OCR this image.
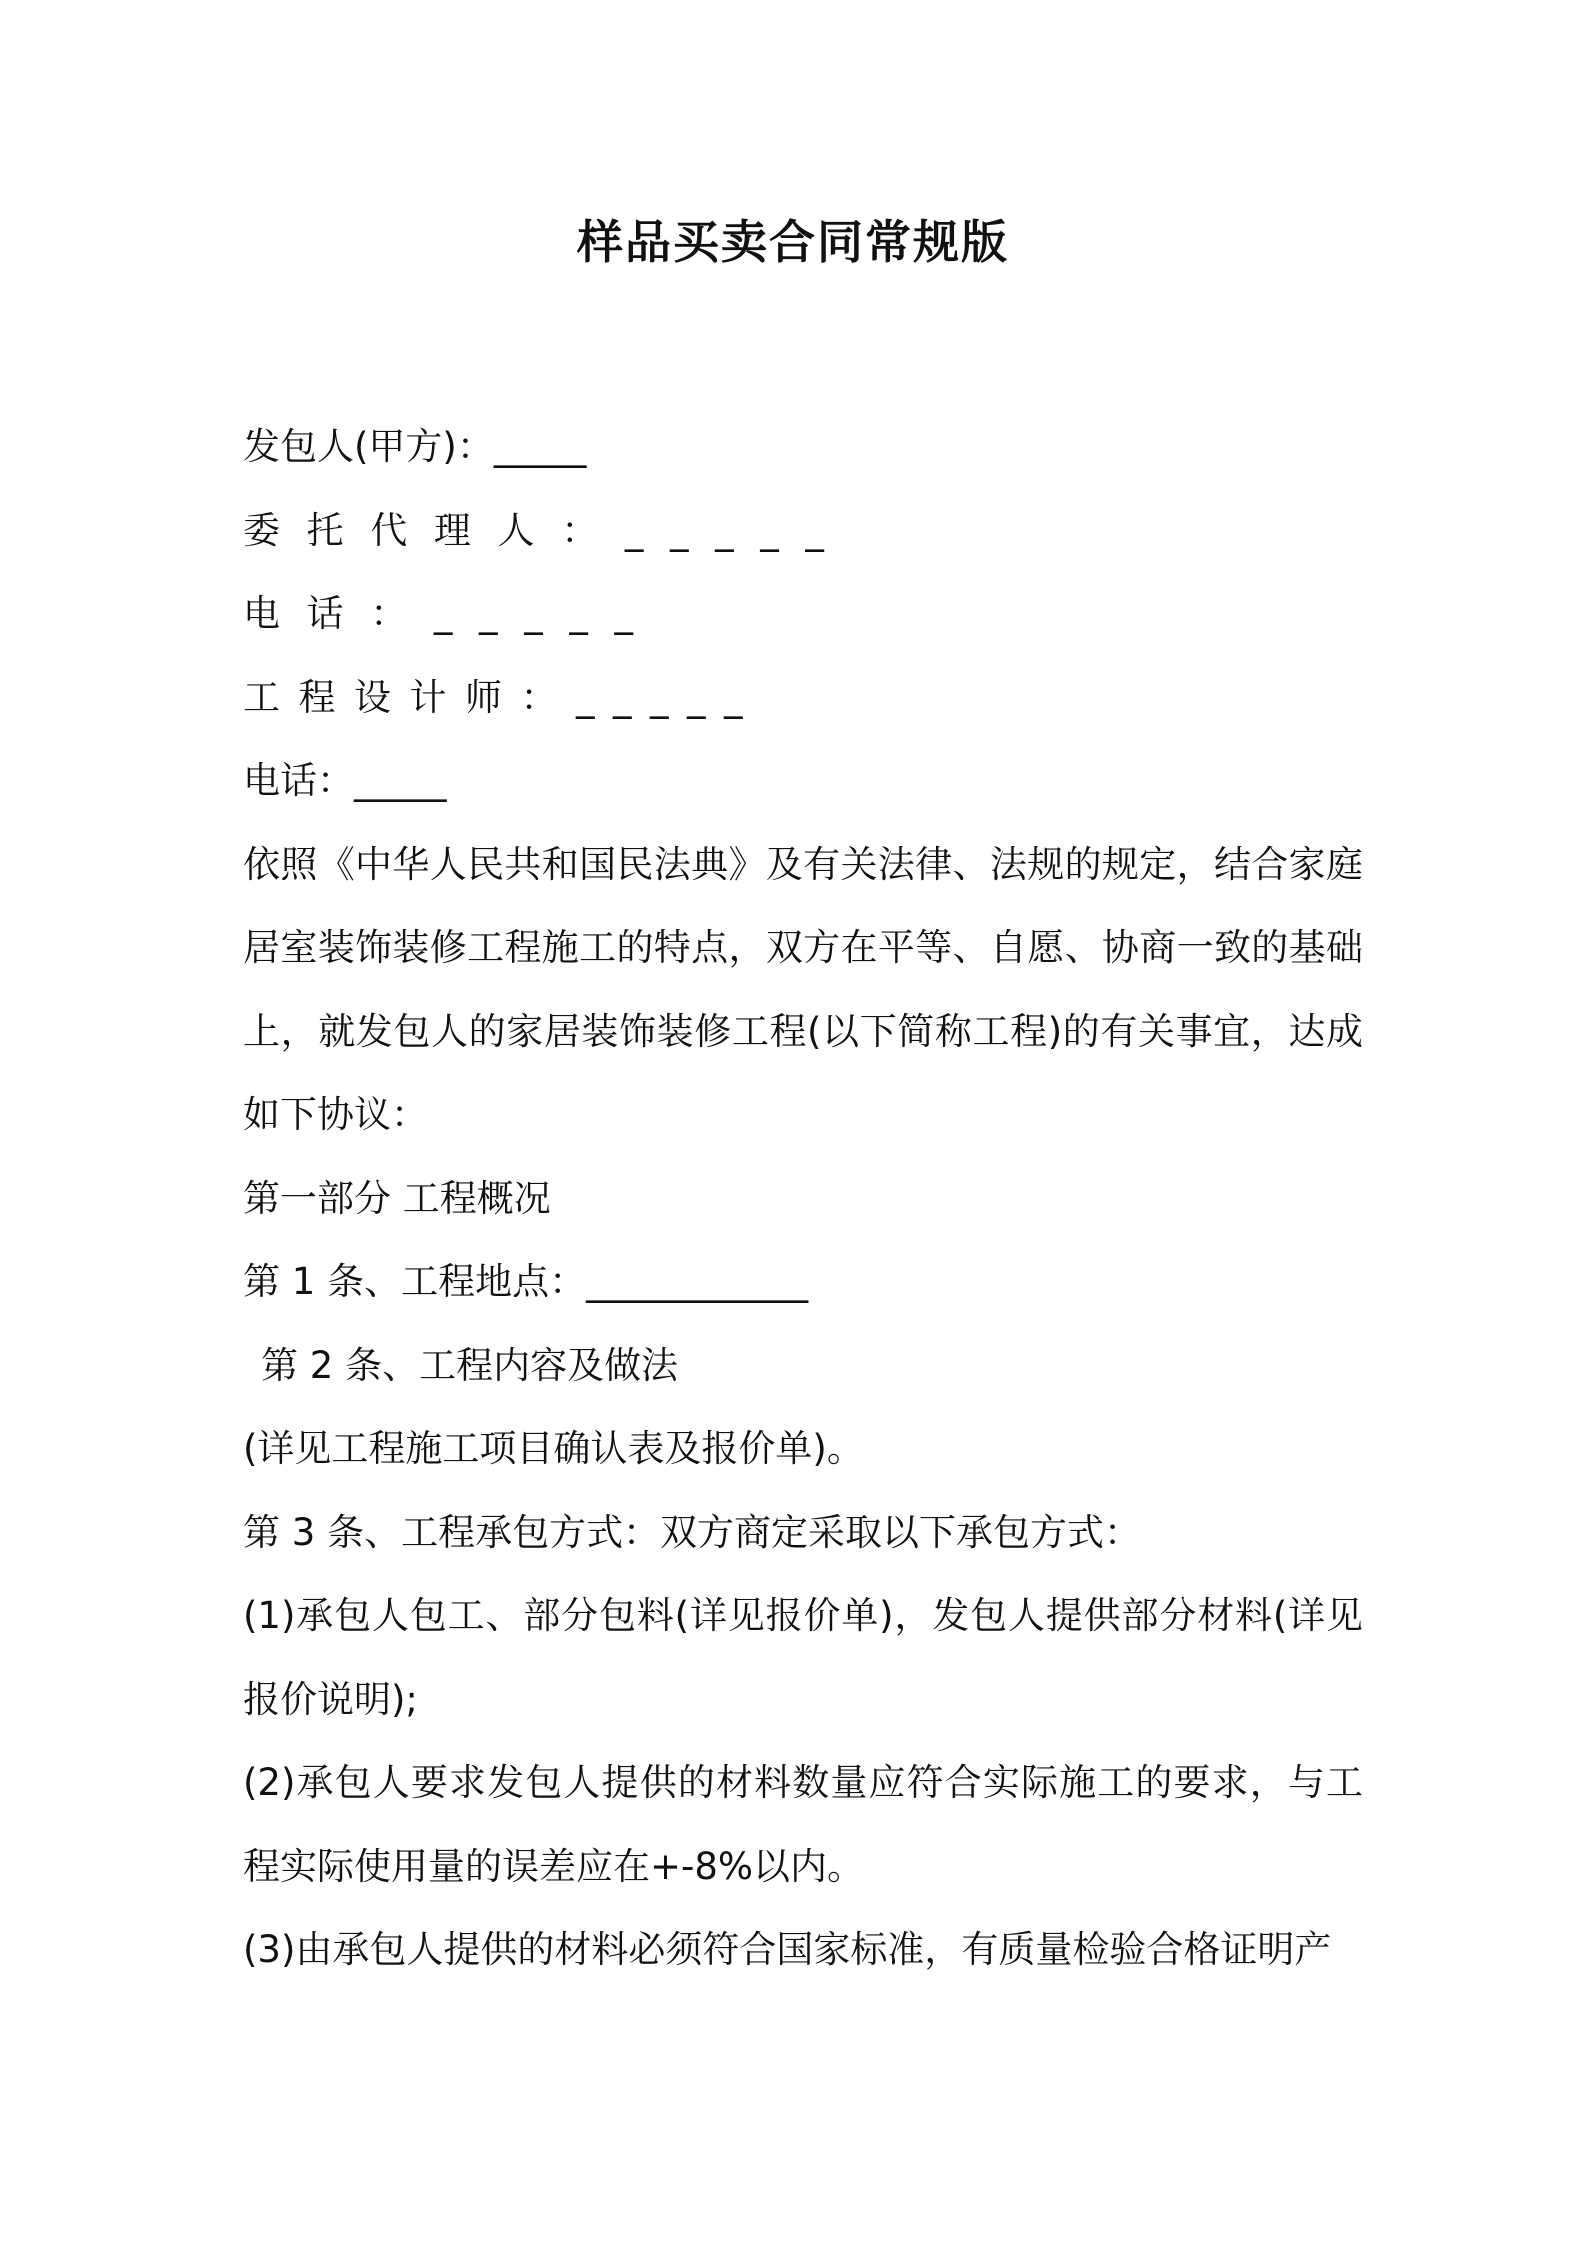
样品买卖合同常规版

发包人(甲方)：_____

委托代理人：_____

电话：_____

工程设计师：_____

电话：_____

依照《中华人民共和国民法典》及有关法律、法规的规定，结合家庭居室装饰装修工程施工的特点，双方在平等、自愿、协商一致的基础上，就发包人的家居装饰装修工程(以下简称工程)的有关事宜，达成如下协议：

第一部分 工程概况

第 1 条、工程地点：____________

第 2 条、工程内容及做法

(详见工程施工项目确认表及报价单)。

第 3 条、工程承包方式：双方商定采取以下承包方式：

(1)承包人包工、部分包料(详见报价单)，发包人提供部分材料(详见报价说明);

(2)承包人要求发包人提供的材料数量应符合实际施工的要求，与工程实际使用量的误差应在+-8%以内。

(3)由承包人提供的材料必须符合国家标准，有质量检验合格证明产
